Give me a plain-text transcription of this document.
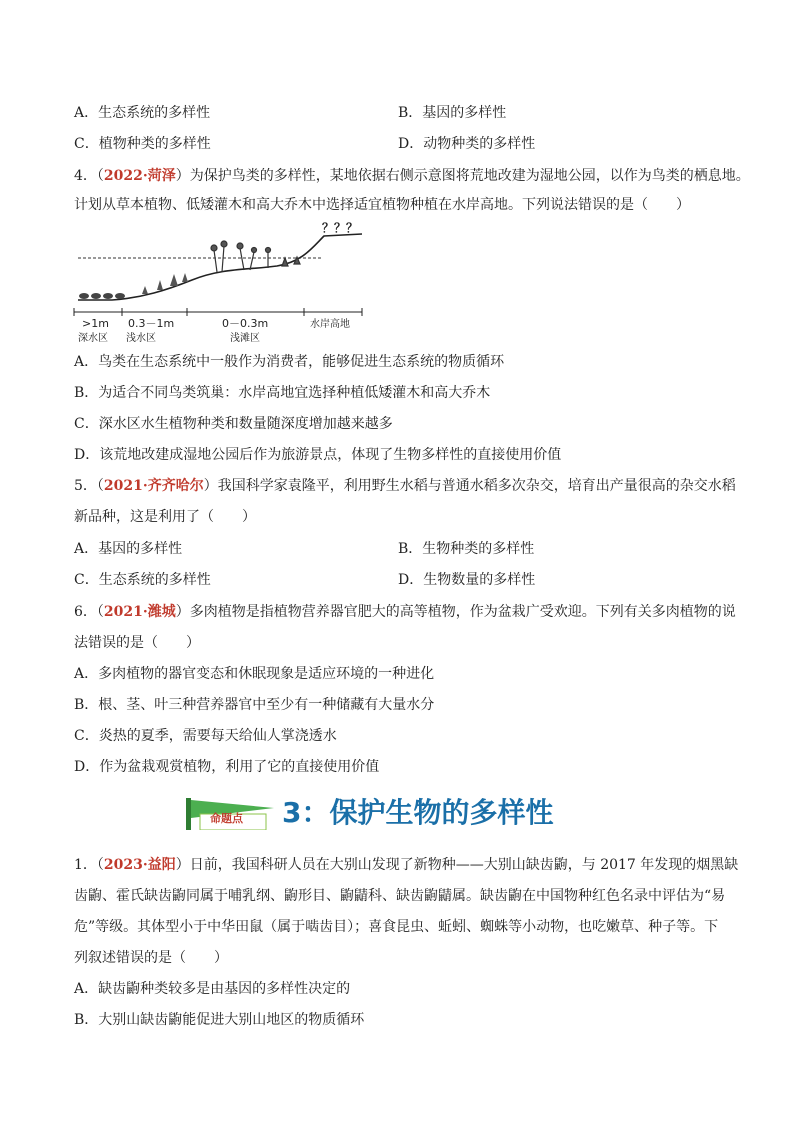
A．生态系统的多样性	B．基因的多样性
C．植物种类的多样性	D．动物种类的多样性
4．（2022·菏泽）为保护鸟类的多样性，某地依据右侧示意图将荒地改建为湿地公园，以作为鸟类的栖息地。
计划从草本植物、低矮灌木和高大乔木中选择适宜植物种植在水岸高地。下列说法错误的是（　　）
？？？
>1m 0.3－1m	0－0.3m
深水区 浅水区	浅滩区
水岸高地
A．鸟类在生态系统中一般作为消费者，能够促进生态系统的物质循环
B．为适合不同鸟类筑巢：水岸高地宜选择种植低矮灌木和高大乔木
C．深水区水生植物种类和数量随深度增加越来越多
D．该荒地改建成湿地公园后作为旅游景点，体现了生物多样性的直接使用价值
5．（2021·齐齐哈尔）我国科学家袁隆平，利用野生水稻与普通水稻多次杂交，培育出产量很高的杂交水稻
新品种，这是利用了（　　）
A．基因的多样性	B．生物种类的多样性
C．生态系统的多样性	D．生物数量的多样性
6．（2021·潍城）多肉植物是指植物营养器官肥大的高等植物，作为盆栽广受欢迎。下列有关多肉植物的说
法错误的是（　　）
A．多肉植物的器官变态和休眠现象是适应环境的一种进化
B．根、茎、叶三种营养器官中至少有一种储藏有大量水分
C．炎热的夏季，需要每天给仙人掌浇透水
D．作为盆栽观赏植物，利用了它的直接使用价值
命题点 3：保护生物的多样性
1．（2023·益阳）日前，我国科研人员在大别山发现了新物种——大别山缺齿鼩，与 2017 年发现的烟黑缺
齿鼩、霍氏缺齿鼩同属于哺乳纲、鼩形目、鼩鼱科、缺齿鼩鼱属。缺齿鼩在中国物种红色名录中评估为“易
危”等级。其体型小于中华田鼠（属于啮齿目）；喜食昆虫、蚯蚓、蜘蛛等小动物，也吃嫩草、种子等。下
列叙述错误的是（　　）
A．缺齿鼩种类较多是由基因的多样性决定的
B．大别山缺齿鼩能促进大别山地区的物质循环
